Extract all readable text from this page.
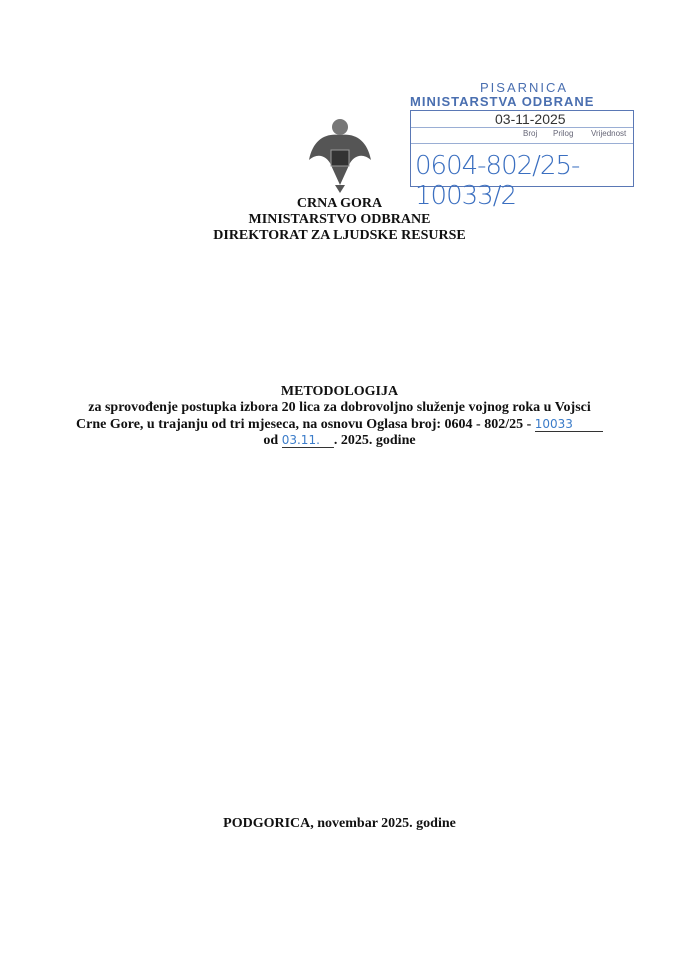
PISARNICA
MINISTARSTVA ODBRANE
03-11-2025
Broj Prilog Vrijednost
0604-802/25-10033/2
CRNA GORA
MINISTARSTVO ODBRANE
DIREKTORAT ZA LJUDSKE RESURSE
METODOLOGIJA
za sprovođenje postupka izbora 20 lica za dobrovoljno služenje vojnog roka u Vojsci
Crne Gore, u trajanju od tri mjeseca, na osnovu Oglasa broj: 0604 - 802/25 - 10033
od 03.11. . 2025. godine
PODGORICA, novembar 2025. godine
